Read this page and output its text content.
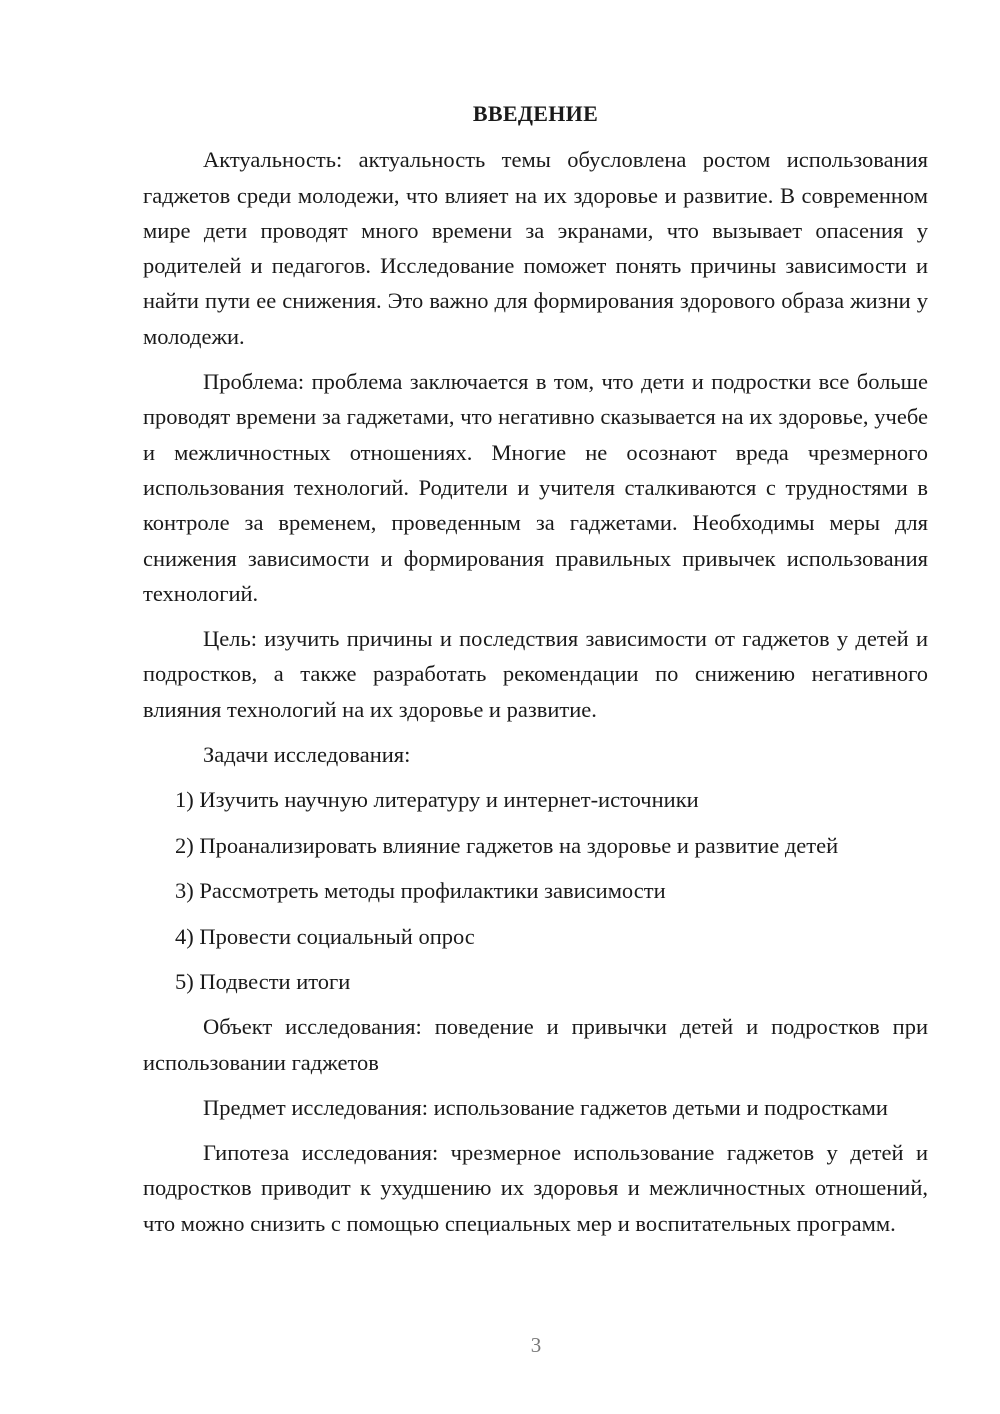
ВВЕДЕНИЕ

Актуальность: актуальность темы обусловлена ростом использования гаджетов среди молодежи, что влияет на их здоровье и развитие. В современном мире дети проводят много времени за экранами, что вызывает опасения у родителей и педагогов. Исследование поможет понять причины зависимости и найти пути ее снижения. Это важно для формирования здорового образа жизни у молодежи.

Проблема: проблема заключается в том, что дети и подростки все больше проводят времени за гаджетами, что негативно сказывается на их здоровье, учебе и межличностных отношениях. Многие не осознают вреда чрезмерного использования технологий. Родители и учителя сталкиваются с трудностями в контроле за временем, проведенным за гаджетами. Необходимы меры для снижения зависимости и формирования правильных привычек использования технологий.

Цель: изучить причины и последствия зависимости от гаджетов у детей и подростков, а также разработать рекомендации по снижению негативного влияния технологий на их здоровье и развитие.

Задачи исследования:
1) Изучить научную литературу и интернет-источники
2) Проанализировать влияние гаджетов на здоровье и развитие детей
3) Рассмотреть методы профилактики зависимости
4) Провести социальный опрос
5) Подвести итоги

Объект исследования: поведение и привычки детей и подростков при использовании гаджетов

Предмет исследования: использование гаджетов детьми и подростками

Гипотеза исследования: чрезмерное использование гаджетов у детей и подростков приводит к ухудшению их здоровья и межличностных отношений, что можно снизить с помощью специальных мер и воспитательных программ.

3
